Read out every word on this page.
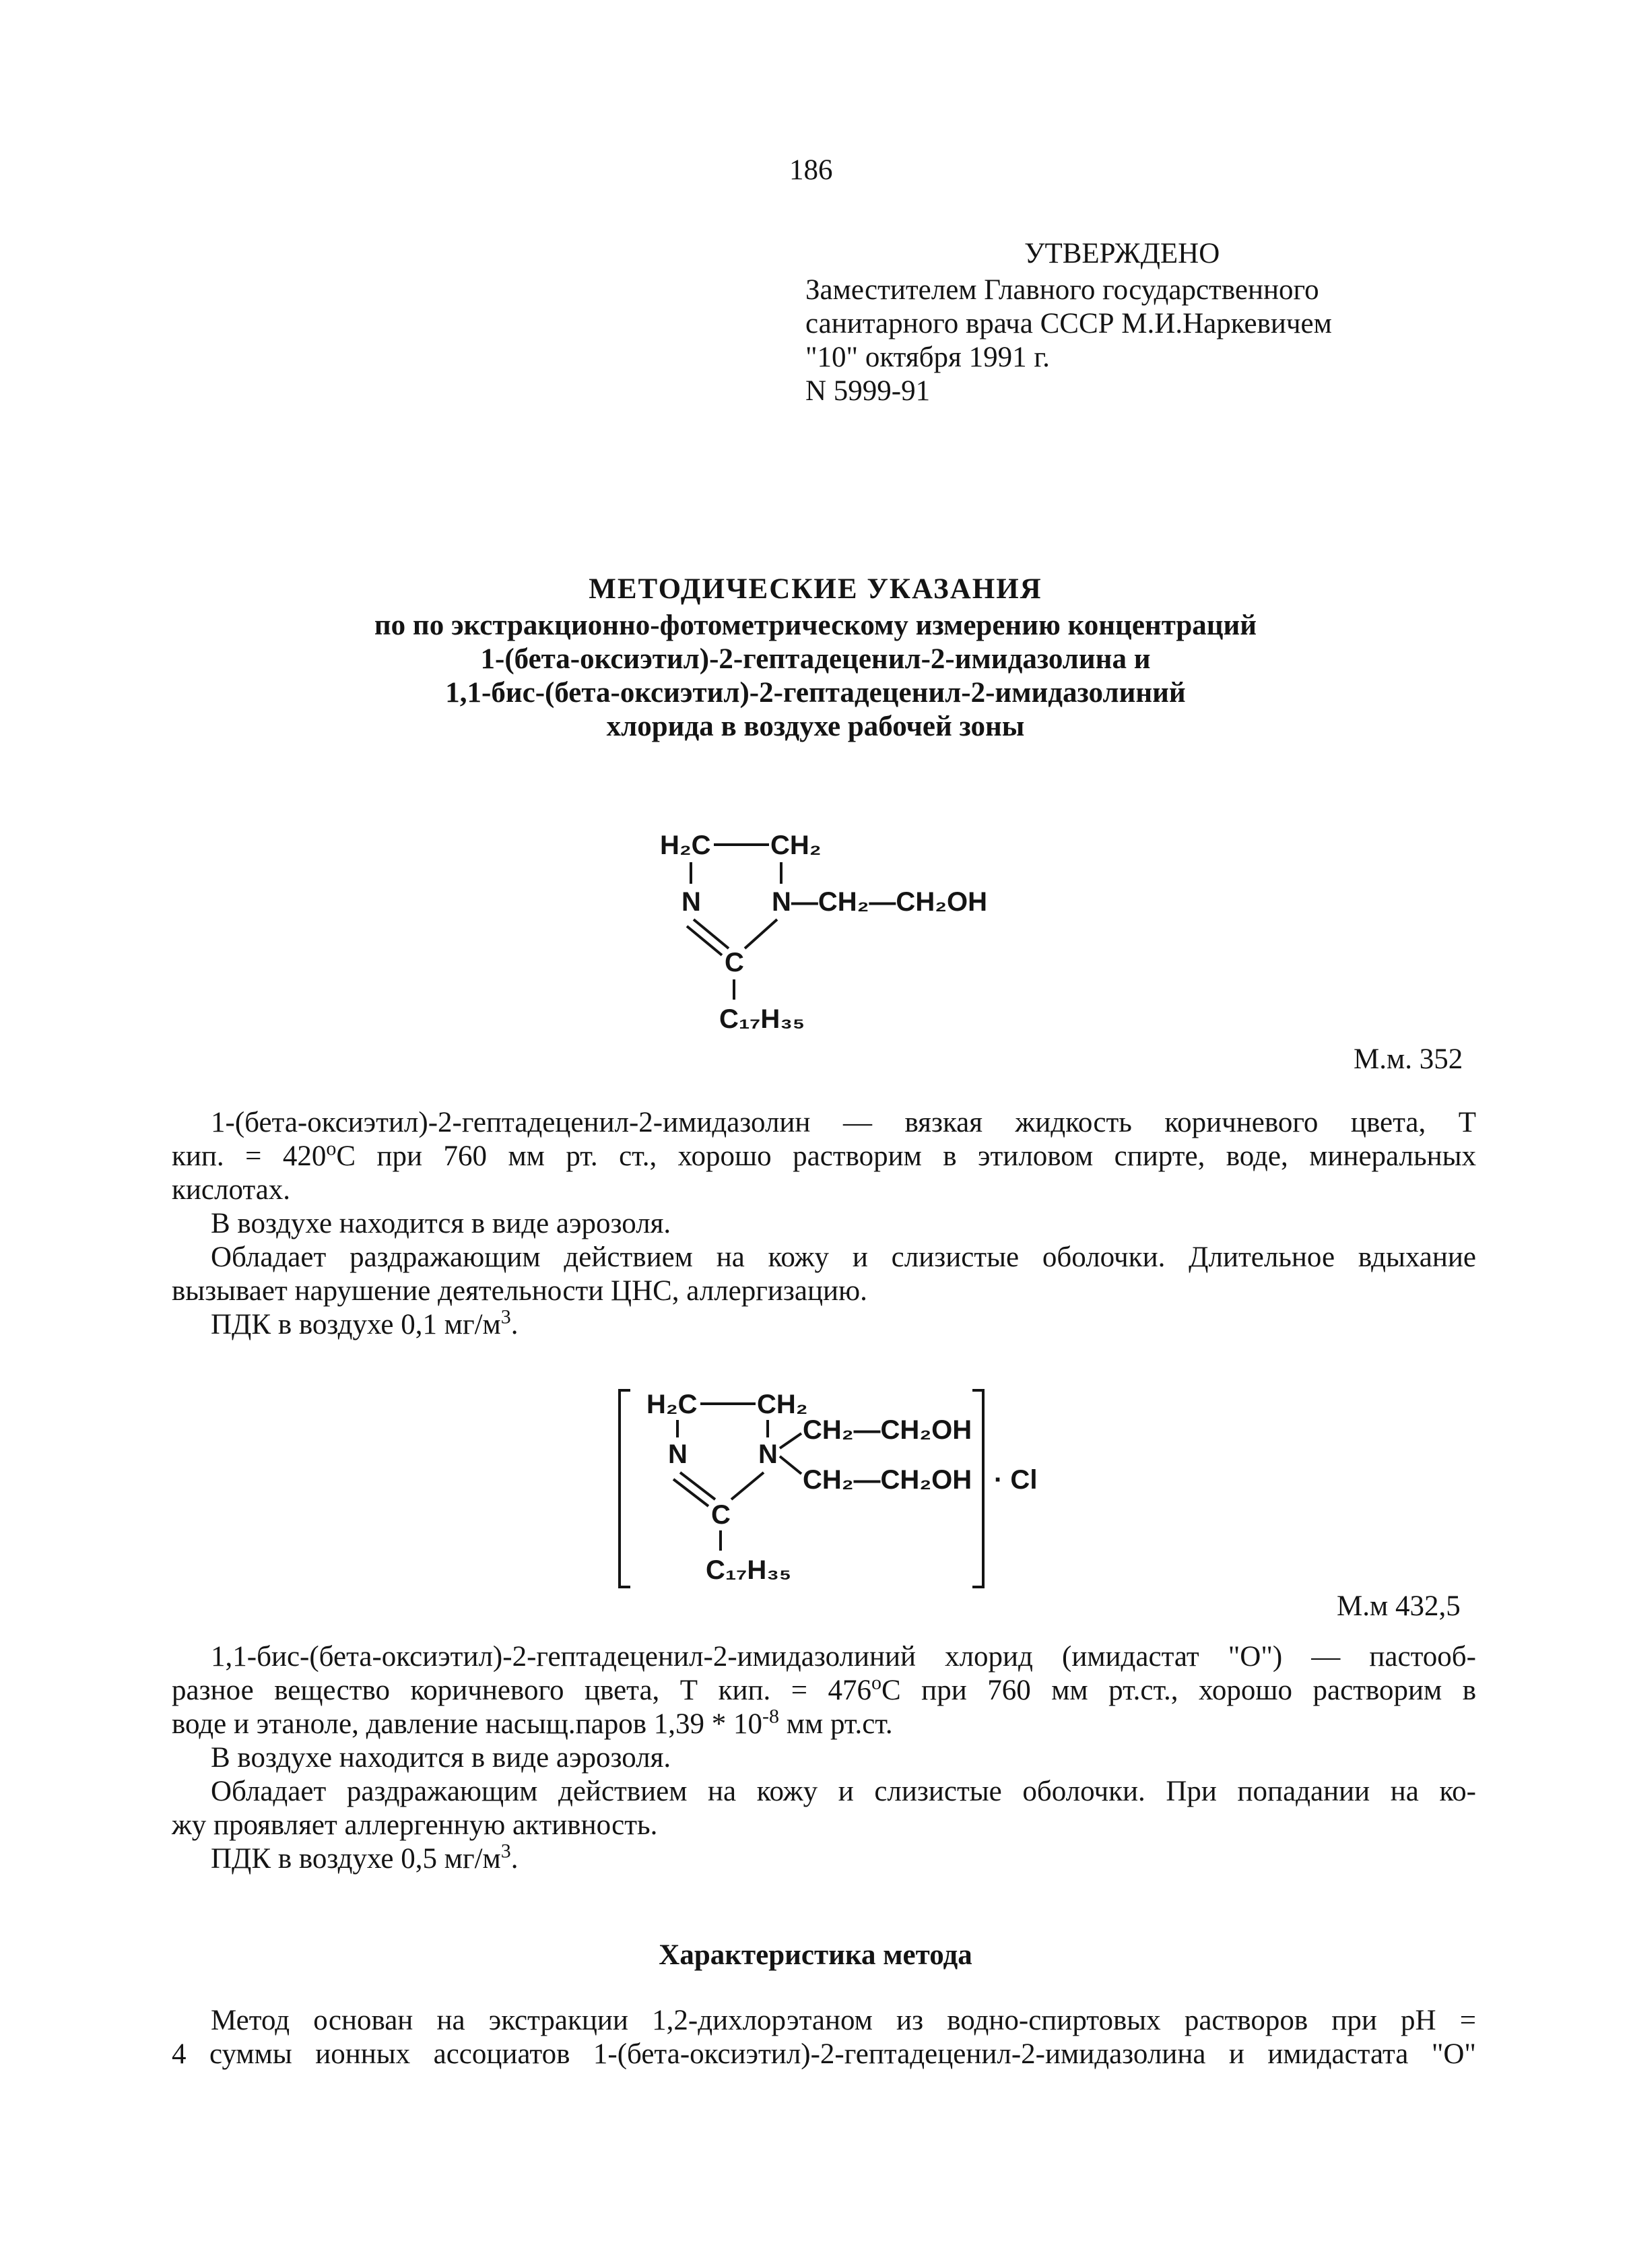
186
УТВЕРЖДЕНО
Заместителем Главного государственного
санитарного врача СССР М.И.Наркевичем
"10" октября 1991 г.
N 5999-91
МЕТОДИЧЕСКИЕ УКАЗАНИЯ
по по экстракционно-фотометрическому измерению концентраций
1-(бета-оксиэтил)-2-гептадеценил-2-имидазолина и
1,1-бис-(бета-оксиэтил)-2-гептадеценил-2-имидазолиний
хлорида в воздухе рабочей зоны
H₂C CH₂
N	N—CH₂—CH₂OH
C
C₁₇H₃₅
М.м. 352
1-(бета-оксиэтил)-2-гептадеценил-2-имидазолин — вязкая жидкость коричневого цвета, Т
кип. = $420^oС$ при 760 мм рт. ст., хорошо растворим в этиловом спирте, воде, минеральных
кислотах.
В воздухе находится в виде аэрозоля.
Обладает раздражающим действием на кожу и слизистые оболочки. Длительное вдыхание
вызывает нарушение деятельности ЦНС, аллергизацию.
ПДК в воздухе 0,1 $мг/м^3$.
H₂C CH₂
N	N
CH₂—CH₂OH
CH₂—CH₂OH
C
C₁₇H₃₅
· Cl
М.м 432,5
1,1-бис-(бета-оксиэтил)-2-гептадеценил-2-имидазолиний хлорид (имидастат "О") — пастооб-
разное вещество коричневого цвета, Т кип. = $476^oС$ при 760 мм рт.ст., хорошо растворим в
воде и этаноле, давление насыщ.паров $1,39 * 10^{-8}$ мм рт.ст.
В воздухе находится в виде аэрозоля.
Обладает раздражающим действием на кожу и слизистые оболочки. При попадании на ко-
жу проявляет аллергенную активность.
ПДК в воздухе 0,5 $мг/м^3$.
Характеристика метода
Метод основан на экстракции 1,2-дихлорэтаном из водно-спиртовых растворов при рН =
4 суммы ионных ассоциатов 1-(бета-оксиэтил)-2-гептадеценил-2-имидазолина и имидастата "О"
